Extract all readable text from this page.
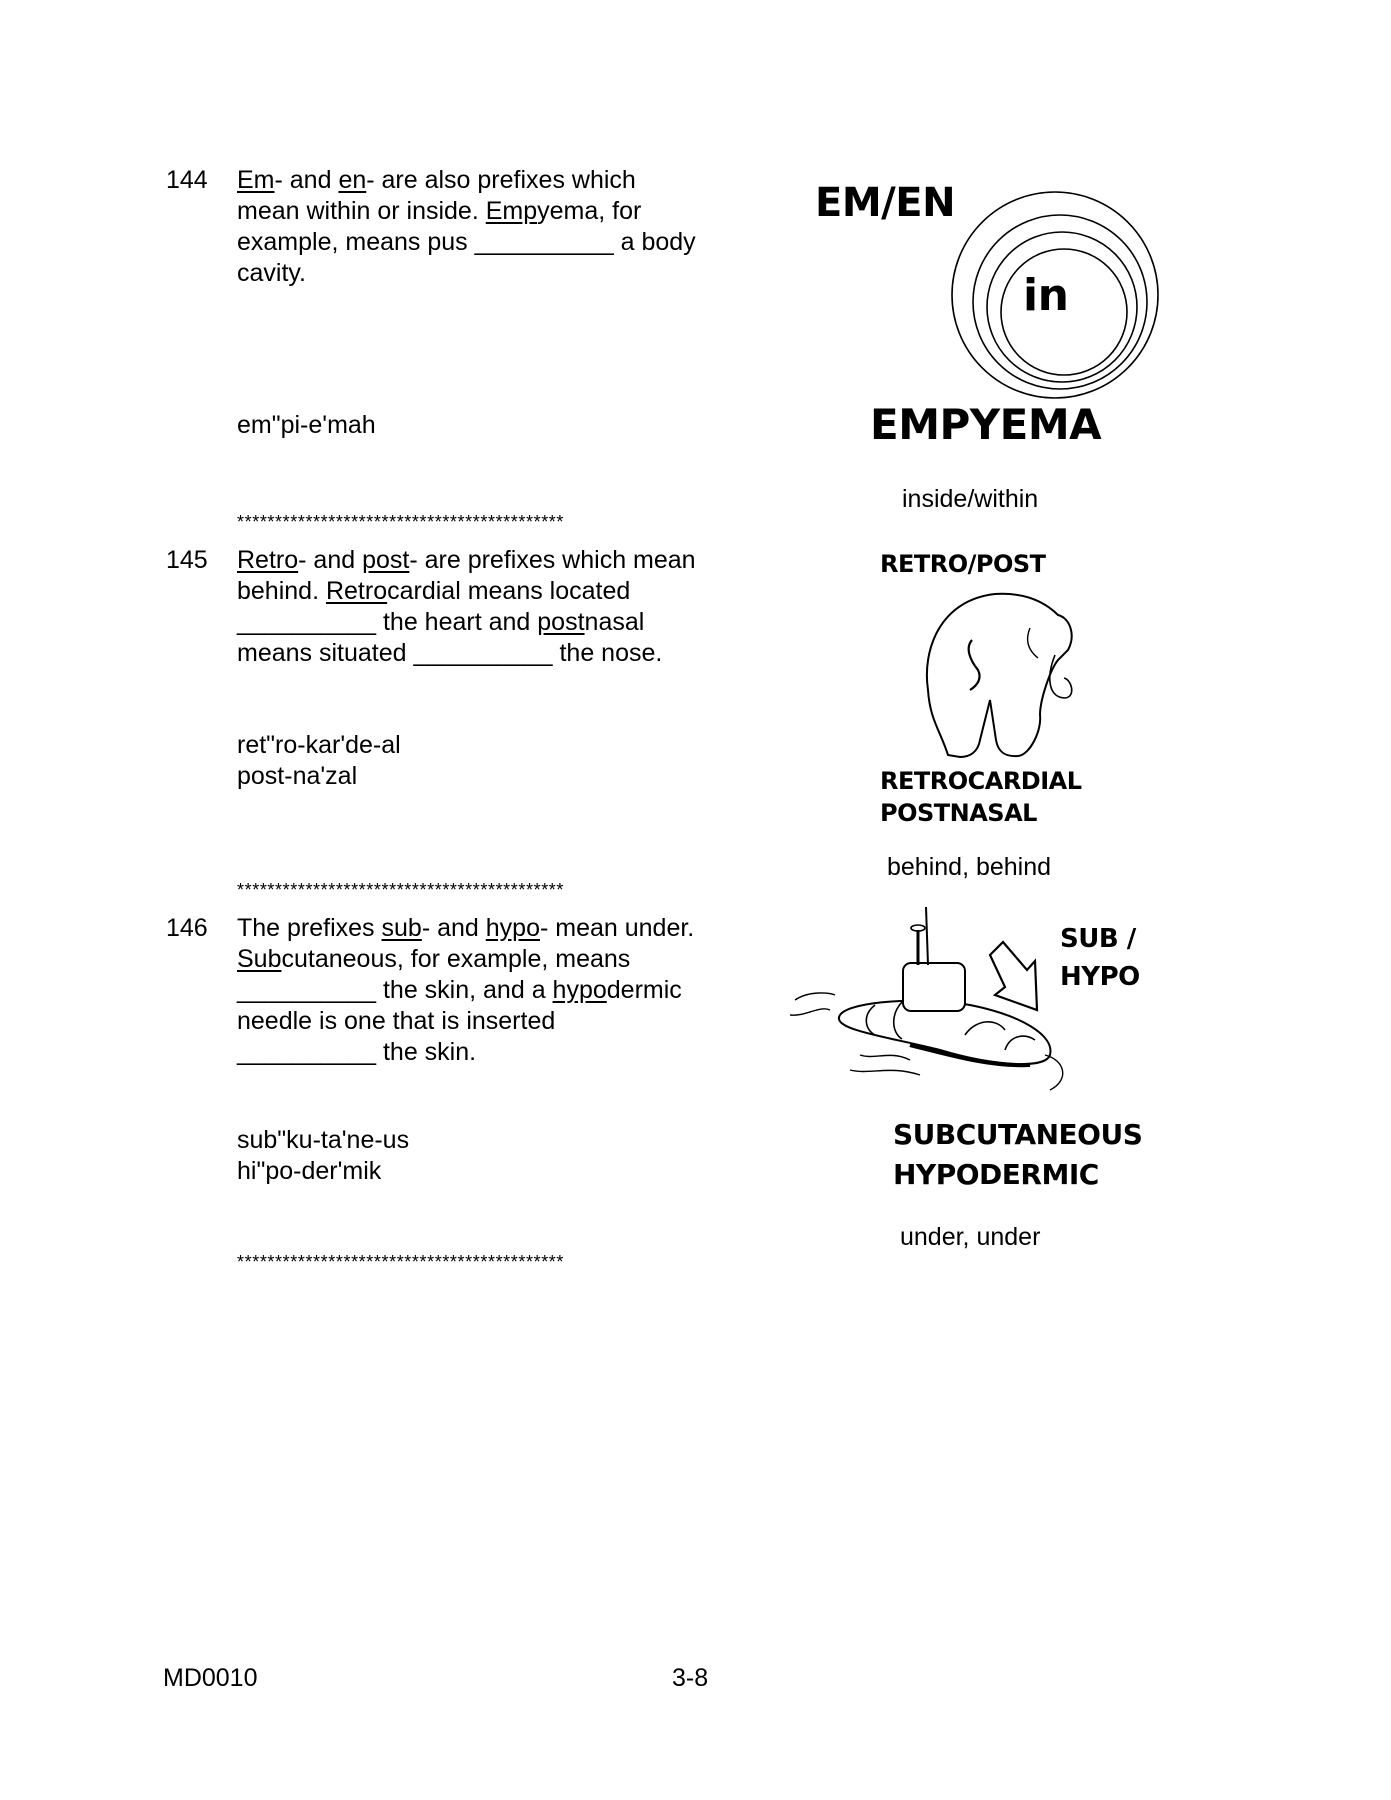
144 Em- and en- are also prefixes which mean within or inside. Empyema, for example, means pus __________ a body cavity.
em"pi-e'mah
EM/EN
in
EMPYEMA
inside/within
*******************************************
145 Retro- and post- are prefixes which mean behind. Retrocardial means located __________ the heart and postnasal means situated __________ the nose.
ret"ro-kar'de-al
post-na'zal
RETRO/POST
RETROCARDIAL
POSTNASAL
behind, behind
*******************************************
146 The prefixes sub- and hypo- mean under. Subcutaneous, for example, means __________ the skin, and a hypodermic needle is one that is inserted __________ the skin.
sub"ku-ta'ne-us
hi"po-der'mik
SUB /
HYPO
SUBCUTANEOUS
HYPODERMIC
under, under
*******************************************
MD0010	3-8
